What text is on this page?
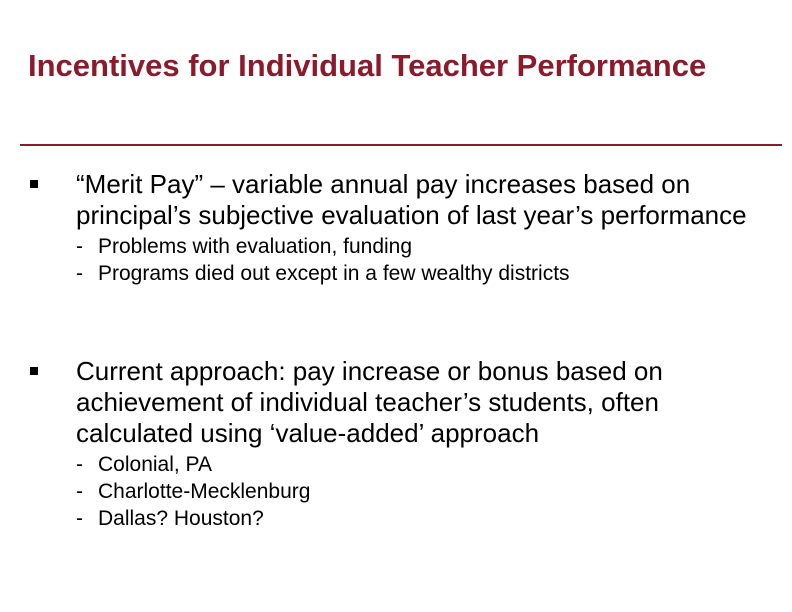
Incentives for Individual Teacher Performance
“Merit Pay” – variable annual pay increases based on principal’s subjective evaluation of last year’s performance
- Problems with evaluation, funding
- Programs died out except in a few wealthy districts
Current approach: pay increase or bonus based on achievement of individual teacher’s students, often calculated using ‘value-added’ approach
- Colonial, PA
- Charlotte-Mecklenburg
- Dallas? Houston?
